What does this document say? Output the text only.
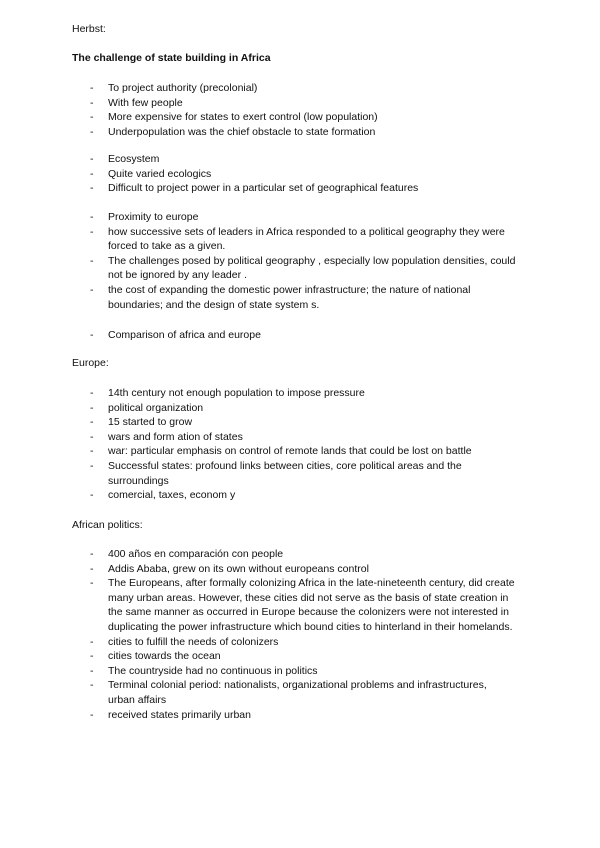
Herbst:

The challenge of state building in Africa

- To project authority (precolonial)
- With few people
- More expensive for states to exert control (low population)
- Underpopulation was the chief obstacle to state formation
- Ecosystem
- Quite varied ecologics
- Difficult to project power in a particular set of geographical features
- Proximity to europe
- how successive sets of leaders in Africa responded to a political geography they were forced to take as a given.
- The challenges posed by political geography , especially low population densities, could not be ignored by any leader .
- the cost of expanding the domestic power infrastructure; the nature of national boundaries; and the design of state system s.
- Comparison of africa and europe

Europe:

- 14th century not enough population to impose pressure
- political organization
- 15 started to grow
- wars and form ation of states
- war: particular emphasis on control of remote lands that could be lost on battle
- Successful states: profound links between cities, core political areas and the surroundings
- comercial, taxes, econom y

African politics:

- 400 años en comparación con people
- Addis Ababa, grew on its own without europeans control
- The Europeans, after formally colonizing Africa in the late-nineteenth century, did create many urban areas. However, these cities did not serve as the basis of state creation in the same manner as occurred in Europe because the colonizers were not interested in duplicating the power infrastructure which bound cities to hinterland in their homelands.
- cities to fulfill the needs of colonizers
- cities towards the ocean
- The countryside had no continuous in politics
- Terminal colonial period: nationalists, organizational problems and infrastructures, urban affairs
- received states primarily urban
